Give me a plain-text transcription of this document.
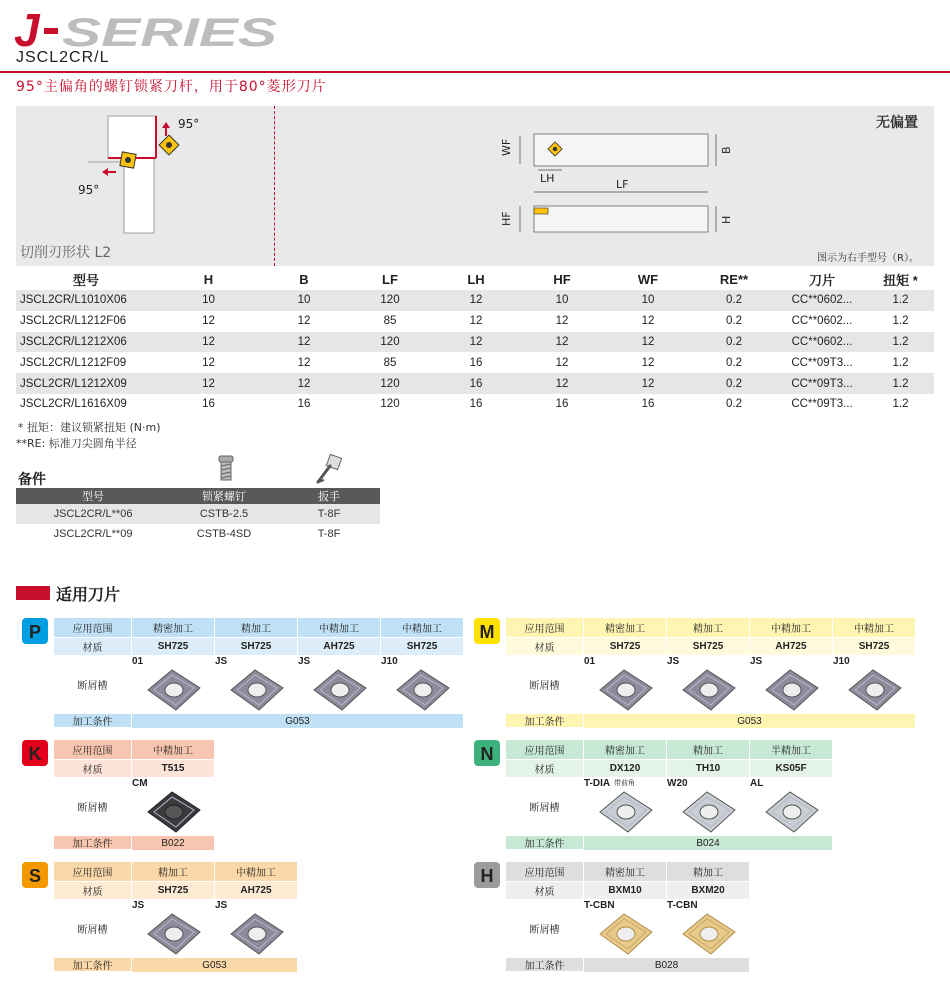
J SERIES
JSCL2CR/L
95°主偏角的螺钉锁紧刀杆，用于80°菱形刀片
95°
95°
切削刃形状 L2
无偏置
WF	B
LH	LF
HF	H
图示为右手型号（R）。
型号	H	B	LF	LH	HF	WF	RE**	刀片	扭矩 *
JSCL2CR/L1010X06	10	10	120	12	10	10	0.2	CC**0602...	1.2
JSCL2CR/L1212F06	12	12	85	12	12	12	0.2	CC**0602...	1.2
JSCL2CR/L1212X06	12	12	120	12	12	12	0.2	CC**0602...	1.2
JSCL2CR/L1212F09	12	12	85	16	12	12	0.2	CC**09T3...	1.2
JSCL2CR/L1212X09	12	12	120	16	12	12	0.2	CC**09T3...	1.2
JSCL2CR/L1616X09	16	16	120	16	16	16	0.2	CC**09T3...	1.2
* 扭矩：建议锁紧扭矩 (N·m)
**RE: 标准刀尖圆角半径
备件
型号	锁紧螺钉	扳手
JSCL2CR/L**06	CSTB-2.5	T-8F
JSCL2CR/L**09	CSTB-4SD	T-8F
适用刀片
P	应用范围	精密加工	精加工	中精加工	中精加工
材质	SH725	SH725	AH725	SH725
断屑槽
01	JS	JS	J10
加工条件	G053
M	应用范围	精密加工	精加工	中精加工	中精加工
材质	SH725	SH725	AH725	SH725
断屑槽
01	JS	JS	J10
加工条件	G053
K	应用范围	中精加工
材质	T515
断屑槽
CM
加工条件	B022
N	应用范围	精密加工	精加工	半精加工
材质	DX120	TH10	KS05F
断屑槽
T-DIA 带前角	W20	AL
加工条件	B024
S	应用范围	精加工	中精加工
材质	SH725	AH725
断屑槽
JS	JS
加工条件	G053
H	应用范围	精密加工	精加工
材质	BXM10	BXM20
断屑槽
T-CBN	T-CBN
加工条件	B028
